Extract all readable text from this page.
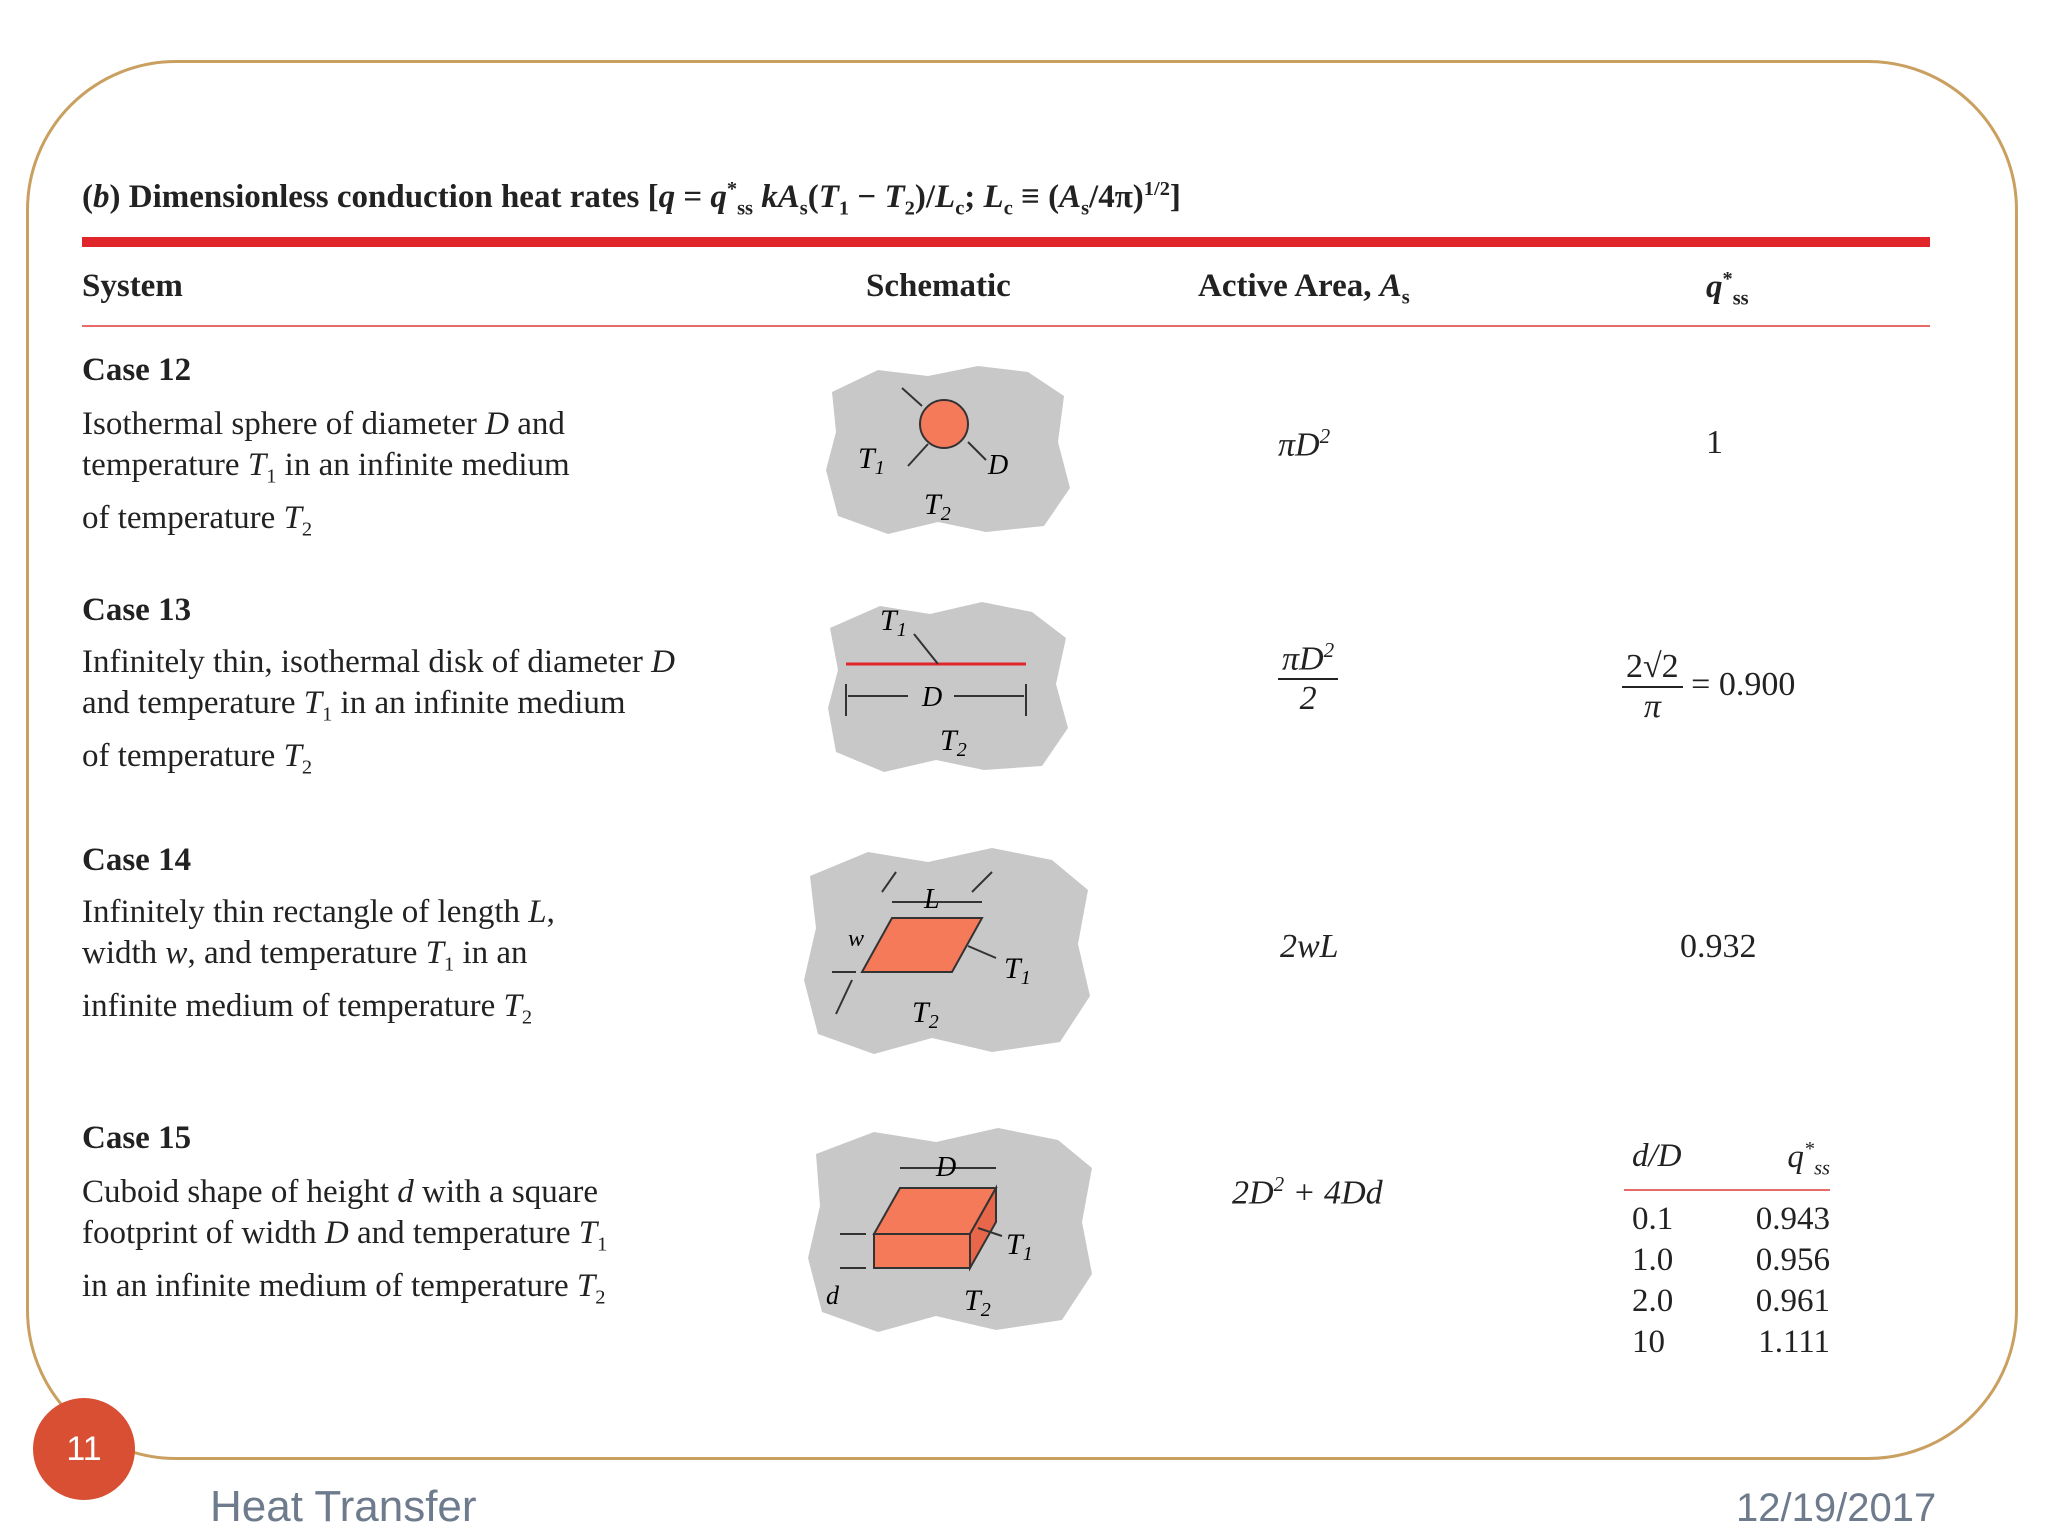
(b) Dimensionless conduction heat rates [$q = q^*_{ss}$ $kA_s(T_1 - T_2)/L_c$; $L_c \equiv (A_s/4\pi)^{1/2}$]
System	Schematic	Active Area, $A_s$	$q^*_{ss}$
Case 12
Isothermal sphere of diameter D and
temperature $T_1$ in an infinite medium
of temperature $T_2$
$T_1$	D
$T_2$
$\pi D^2$	1
Case 13
Infinitely thin, isothermal disk of diameter D
and temperature $T_1$ in an infinite medium
of temperature $T_2$
D
$T_1$
$T_2$
$\frac{\pi D^2}{2}$	$\frac{2√2}{\pi} = 0.900$
Case 14
Infinitely thin rectangle of length L,
width w, and temperature $T_1$ in an
infinite medium of temperature $T_2$
L
w
$T_1$
$T_2$
2wL	0.932
Case 15
Cuboid shape of height d with a square
footprint of width D and temperature $T_1$
in an infinite medium of temperature $T_2$
D
d
$T_1$
$T_2$
$2D^2 + 4Dd$
d/D	$q^*_{ss}$
0.1	0.943
1.0	0.956
2.0	0.961
10	1.111
11
Heat Transfer	12/19/2017
